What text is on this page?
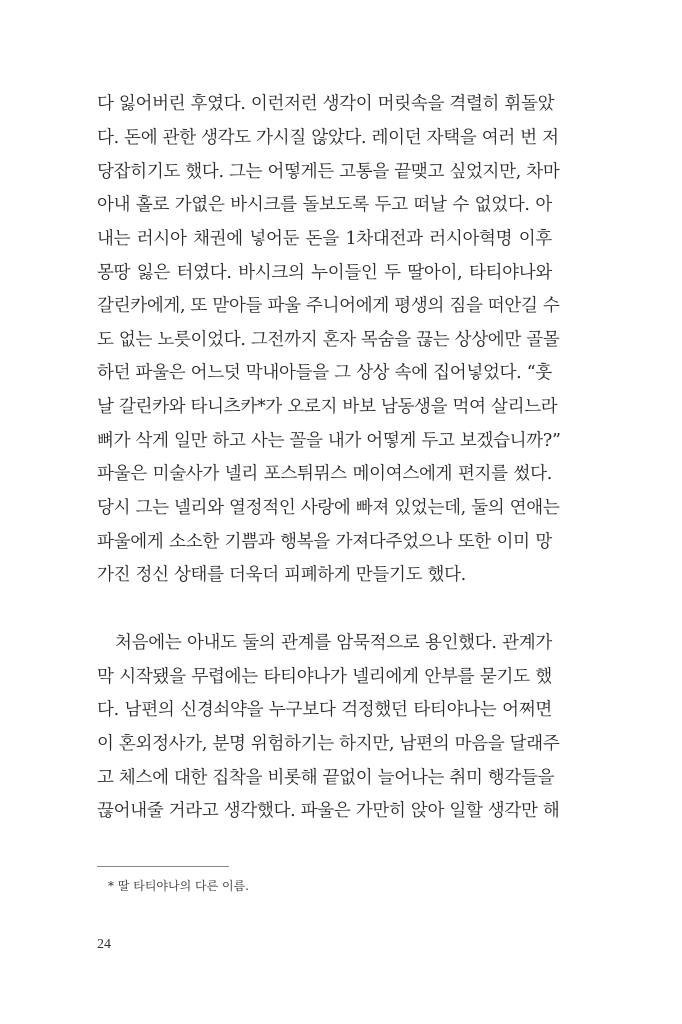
다 잃어버린 후였다. 이런저런 생각이 머릿속을 격렬히 휘돌았
다. 돈에 관한 생각도 가시질 않았다. 레이던 자택을 여러 번 저
당잡히기도 했다. 그는 어떻게든 고통을 끝맺고 싶었지만, 차마
아내 홀로 가엾은 바시크를 돌보도록 두고 떠날 수 없었다. 아
내는 러시아 채권에 넣어둔 돈을 1차대전과 러시아혁명 이후
몽땅 잃은 터였다. 바시크의 누이들인 두 딸아이, 타티야나와
갈린카에게, 또 맏아들 파울 주니어에게 평생의 짐을 떠안길 수
도 없는 노릇이었다. 그전까지 혼자 목숨을 끊는 상상에만 골몰
하던 파울은 어느덧 막내아들을 그 상상 속에 집어넣었다. “훗
날 갈린카와 타니츠카*가 오로지 바보 남동생을 먹여 살리느라
뼈가 삭게 일만 하고 사는 꼴을 내가 어떻게 두고 보겠습니까?”
파울은 미술사가 넬리 포스튀뮈스 메이여스에게 편지를 썼다.
당시 그는 넬리와 열정적인 사랑에 빠져 있었는데, 둘의 연애는
파울에게 소소한 기쁨과 행복을 가져다주었으나 또한 이미 망
가진 정신 상태를 더욱더 피폐하게 만들기도 했다.
처음에는 아내도 둘의 관계를 암묵적으로 용인했다. 관계가
막 시작됐을 무렵에는 타티야나가 넬리에게 안부를 묻기도 했
다. 남편의 신경쇠약을 누구보다 걱정했던 타티야나는 어쩌면
이 혼외정사가, 분명 위험하기는 하지만, 남편의 마음을 달래주
고 체스에 대한 집착을 비롯해 끝없이 늘어나는 취미 행각들을
끊어내줄 거라고 생각했다. 파울은 가만히 앉아 일할 생각만 해
* 딸 타티야나의 다른 이름.
24
